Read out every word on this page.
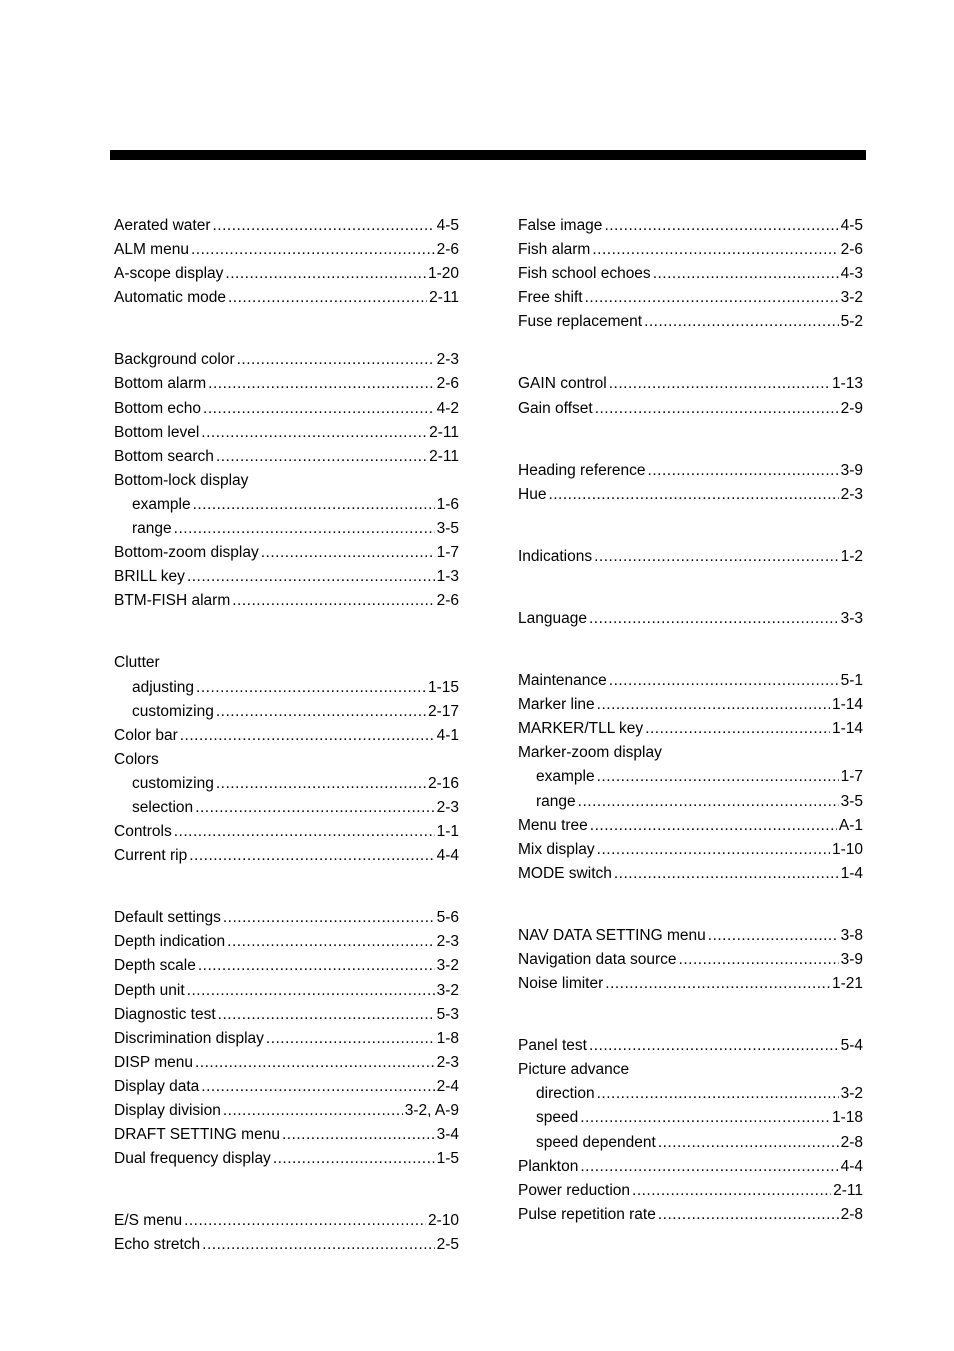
Aerated water .....	4-5
ALM menu .....	2-6
A-scope display .....	1-20
Automatic mode .....	2-11
Background color .....	2-3
Bottom alarm .....	2-6
Bottom echo .....	4-2
Bottom level .....	2-11
Bottom search .....	2-11
Bottom-lock display
example .....	1-6
range .....	3-5
Bottom-zoom display .....	1-7
BRILL key .....	1-3
BTM-FISH alarm .....	2-6
Clutter
adjusting .....	1-15
customizing .....	2-17
Color bar .....	4-1
Colors
customizing .....	2-16
selection .....	2-3
Controls .....	1-1
Current rip .....	4-4
Default settings .....	5-6
Depth indication .....	2-3
Depth scale .....	3-2
Depth unit .....	3-2
Diagnostic test .....	5-3
Discrimination display .....	1-8
DISP menu .....	2-3
Display data .....	2-4
Display division .....	3-2, A-9
DRAFT SETTING menu .....	3-4
Dual frequency display .....	1-5
E/S menu .....	2-10
Echo stretch .....	2-5
False image .....	4-5
Fish alarm .....	2-6
Fish school echoes .....	4-3
Free shift .....	3-2
Fuse replacement .....	5-2
GAIN control .....	1-13
Gain offset .....	2-9
Heading reference .....	3-9
Hue .....	2-3
Indications .....	1-2
Language .....	3-3
Maintenance .....	5-1
Marker line .....	1-14
MARKER/TLL key .....	1-14
Marker-zoom display
example .....	1-7
range .....	3-5
Menu tree .....	A-1
Mix display .....	1-10
MODE switch .....	1-4
NAV DATA SETTING menu .....	3-8
Navigation data source .....	3-9
Noise limiter .....	1-21
Panel test .....	5-4
Picture advance
direction .....	3-2
speed .....	1-18
speed dependent .....	2-8
Plankton .....	4-4
Power reduction .....	2-11
Pulse repetition rate .....	2-8
